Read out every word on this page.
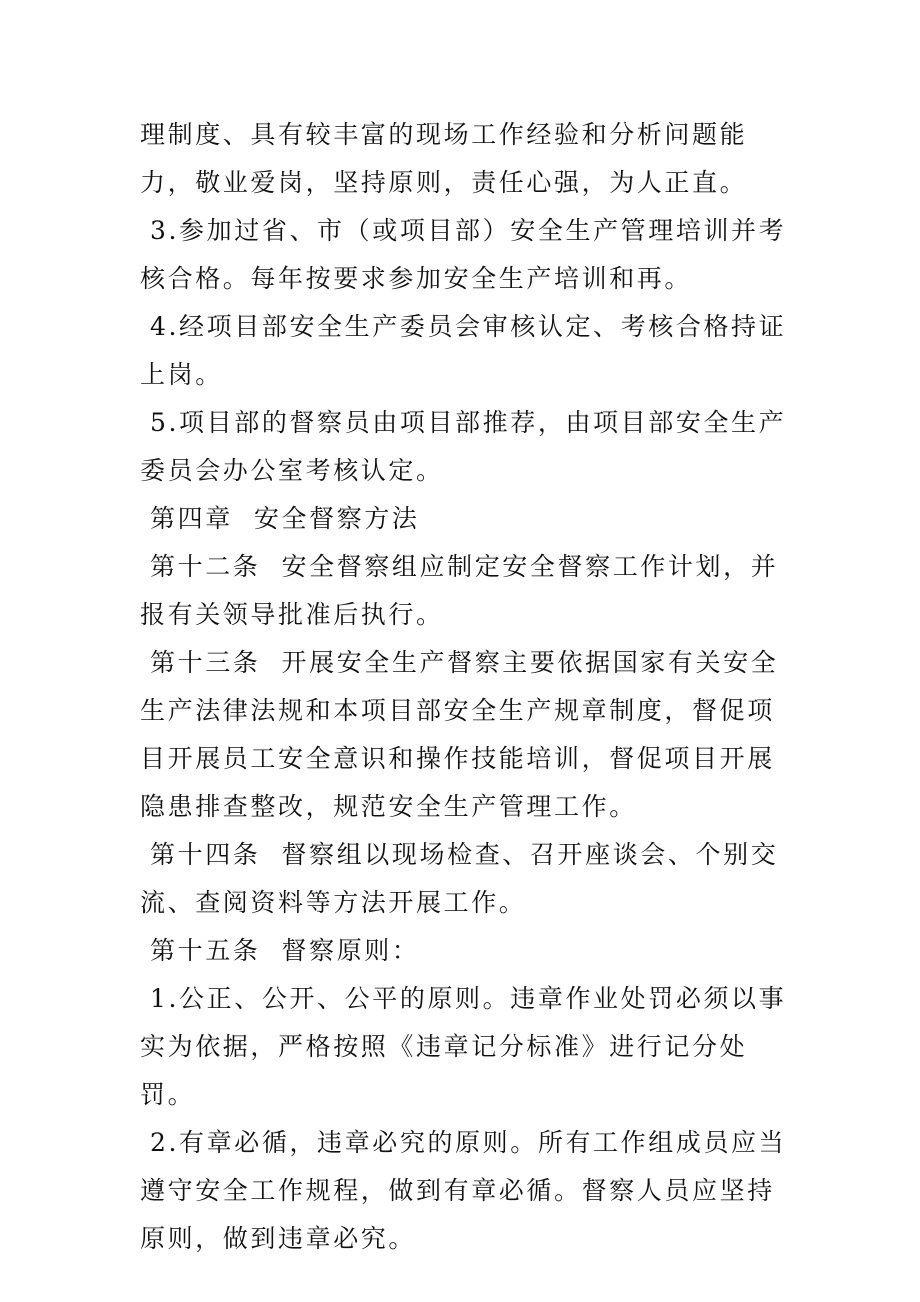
理制度、具有较丰富的现场工作经验和分析问题能力，敬业爱岗，坚持原则，责任心强，为人正直。

3.参加过省、市（或项目部）安全生产管理培训并考核合格。每年按要求参加安全生产培训和再。

4.经项目部安全生产委员会审核认定、考核合格持证上岗。

5.项目部的督察员由项目部推荐，由项目部安全生产委员会办公室考核认定。

第四章  安全督察方法

第十二条  安全督察组应制定安全督察工作计划，并报有关领导批准后执行。

第十三条  开展安全生产督察主要依据国家有关安全生产法律法规和本项目部安全生产规章制度，督促项目开展员工安全意识和操作技能培训，督促项目开展隐患排查整改，规范安全生产管理工作。

第十四条  督察组以现场检查、召开座谈会、个别交流、查阅资料等方法开展工作。

第十五条  督察原则：

1.公正、公开、公平的原则。违章作业处罚必须以事实为依据，严格按照《违章记分标准》进行记分处罚。

2.有章必循，违章必究的原则。所有工作组成员应当遵守安全工作规程，做到有章必循。督察人员应坚持原则，做到违章必究。
